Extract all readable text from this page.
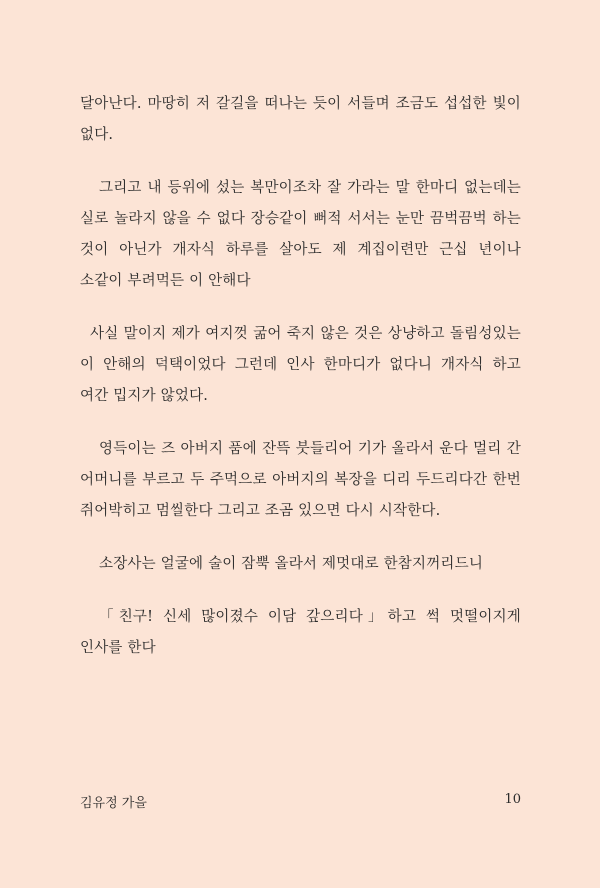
달아난다. 마땅히 저 갈길을 떠나는 듯이 서들며 조금도 섭섭한 빛이 없다.

그리고 내 등위에 섰는 복만이조차 잘 가라는 말 한마디 없는데는 실로 놀라지 않을 수 없다 장승같이 뻐적 서서는 눈만 끔벅끔벅 하는 것이 아닌가 개자식 하루를 살아도 제 계집이련만 근십 년이나 소같이 부려먹든 이 안해다

사실 말이지 제가 여지껏 굶어 죽지 않은 것은 상냥하고 돌림성있는 이 안해의 덕택이었다 그런데 인사 한마디가 없다니 개자식 하고 여간 밉지가 않었다.

영득이는 즈 아버지 품에 잔뜩 붓들리어 기가 올라서 운다 멀리 간 어머니를 부르고 두 주먹으로 아버지의 복장을 디리 두드리다간 한번 쥐어박히고 멈씰한다 그리고 조곰 있으면 다시 시작한다.

소장사는 얼굴에 술이 잠뿍 올라서 제멋대로 한참지꺼리드니

「친구! 신세 많이졌수 이담 갚으리다」하고 썩 멋떨이지게 인사를 한다

김유정 가을	10
